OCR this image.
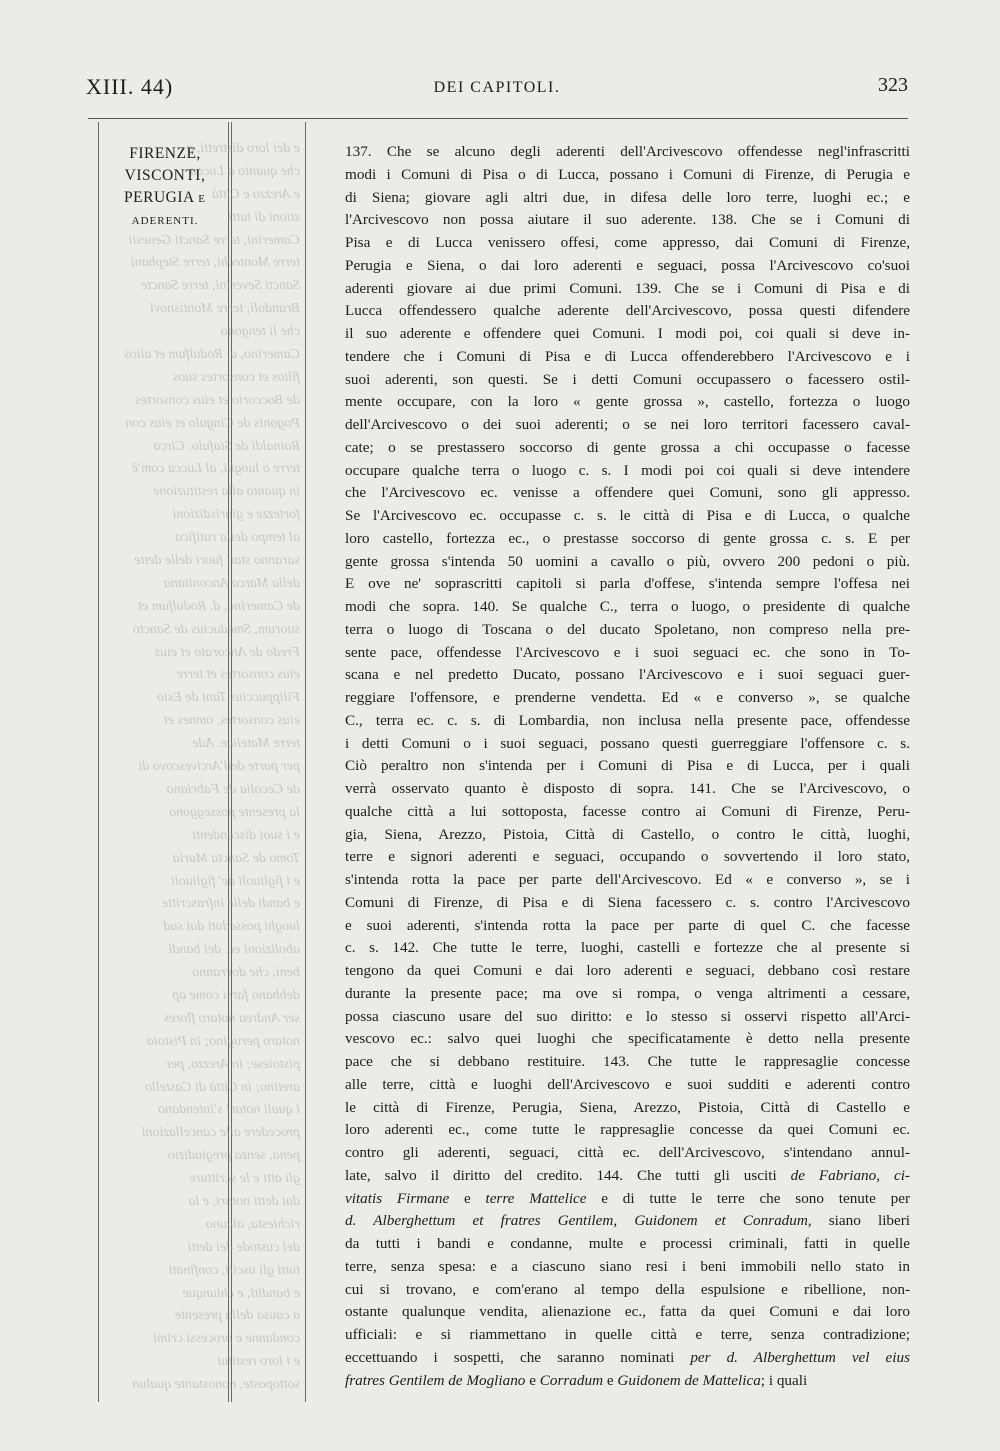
XIII. 44)	DEI CAPITOLI.	323
e dei loro distretti, a
che quanto a Lucca
e Arezzo e Città
stioni di tutti
Camerini, terre Sancti Genesii
terre Montechi, terre Stephani
Sancti Severini, terre Sancte
Brandoli, terre Montisnovi
che li tengono
Camerino, d. Rodulfum et alios
filios et consortes suos
de Boccorio et eius consortes
Pogonis de Cingulo et eius con
Rainaldi de Stafulo. Circa
terre o luoghi, al Lucca com'è
in quanto alla restituzione
fortezze e giurisdizioni
al tempo della ratifica
saranno stati fuori delle dette
della Marca Anconitana
de Camerino, d. Rodulfum et
suorum, Smeducius de Sancto
Fredo de Ancorato et eius
eius consortes et terre
Filippuccius Tani de Esio
eius consortes, omnes et
terre Matelice. Ade
per parte dell'Arcivescovo di
de Cecolia de Fabriano
la presente posseggono
e i suoi discendenti
Tomo de Sancta Maria
e i figliuoli de' figliuoli
e bandi delle infrascritte
luoghi posseduti dai sud
abolizioni ec. dei bandi
beni, che dovranno
debbano farsi come ap
ser Andrea notaro flores
notaro perugino; in Pistoia
pistoiese; in Arezzo, per
aretino; in Città di Castello
i quali notari s'intendano
procedere alle cancellazioni
pena, senza pregiudizio
gli atti e le scritture
dai detti notari, e la
richiesta, alcuno
del custode dei detti
tutti gli usciti, confinati
e banditi, e chiunque
a causa della presente
condanne e processi crimi
e i loro restitui
sottoposte, nonostante qualun
FIRENZE,
VISCONTI,
PERUGIA E
ADERENTI.
137. Che se alcuno degli aderenti dell'Arcivescovo offendesse negl'infrascritti
modi i Comuni di Pisa o di Lucca, possano i Comuni di Firenze, di Perugia e
di Siena; giovare agli altri due, in difesa delle loro terre, luoghi ec.; e
l'Arcivescovo non possa aiutare il suo aderente. 138. Che se i Comuni di
Pisa e di Lucca venissero offesi, come appresso, dai Comuni di Firenze,
Perugia e Siena, o dai loro aderenti e seguaci, possa l'Arcivescovo co'suoi
aderenti giovare ai due primi Comuni. 139. Che se i Comuni di Pisa e di
Lucca offendessero qualche aderente dell'Arcivescovo, possa questi difendere
il suo aderente e offendere quei Comuni. I modi poi, coi quali si deve in-
tendere che i Comuni di Pisa e di Lucca offenderebbero l'Arcivescovo e i
suoi aderenti, son questi. Se i detti Comuni occupassero o facessero ostil-
mente occupare, con la loro « gente grossa », castello, fortezza o luogo
dell'Arcivescovo o dei suoi aderenti; o se nei loro territori facessero caval-
cate; o se prestassero soccorso di gente grossa a chi occupasse o facesse
occupare qualche terra o luogo c. s. I modi poi coi quali si deve intendere
che l'Arcivescovo ec. venisse a offendere quei Comuni, sono gli appresso.
Se l'Arcivescovo ec. occupasse c. s. le città di Pisa e di Lucca, o qualche
loro castello, fortezza ec., o prestasse soccorso di gente grossa c. s. E per
gente grossa s'intenda 50 uomini a cavallo o più, ovvero 200 pedoni o più.
E ove ne' soprascritti capitoli si parla d'offese, s'intenda sempre l'offesa nei
modi che sopra. 140. Se qualche C., terra o luogo, o presidente di qualche
terra o luogo di Toscana o del ducato Spoletano, non compreso nella pre-
sente pace, offendesse l'Arcivescovo e i suoi seguaci ec. che sono in To-
scana e nel predetto Ducato, possano l'Arcivescovo e i suoi seguaci guer-
reggiare l'offensore, e prenderne vendetta. Ed « e converso », se qualche
C., terra ec. c. s. di Lombardia, non inclusa nella presente pace, offendesse
i detti Comuni o i suoi seguaci, possano questi guerreggiare l'offensore c. s.
Ciò peraltro non s'intenda per i Comuni di Pisa e di Lucca, per i quali
verrà osservato quanto è disposto di sopra. 141. Che se l'Arcivescovo, o
qualche città a lui sottoposta, facesse contro ai Comuni di Firenze, Peru-
gia, Siena, Arezzo, Pistoia, Città di Castello, o contro le città, luoghi,
terre e signori aderenti e seguaci, occupando o sovvertendo il loro stato,
s'intenda rotta la pace per parte dell'Arcivescovo. Ed « e converso », se i
Comuni di Firenze, di Pisa e di Siena facessero c. s. contro l'Arcivescovo
e suoi aderenti, s'intenda rotta la pace per parte di quel C. che facesse
c. s. 142. Che tutte le terre, luoghi, castelli e fortezze che al presente si
tengono da quei Comuni e dai loro aderenti e seguaci, debbano così restare
durante la presente pace; ma ove si rompa, o venga altrimenti a cessare,
possa ciascuno usare del suo diritto: e lo stesso si osservi rispetto all'Arci-
vescovo ec.: salvo quei luoghi che specificatamente è detto nella presente
pace che si debbano restituire. 143. Che tutte le rappresaglie concesse
alle terre, città e luoghi dell'Arcivescovo e suoi sudditi e aderenti contro
le città di Firenze, Perugia, Siena, Arezzo, Pistoia, Città di Castello e
loro aderenti ec., come tutte le rappresaglie concesse da quei Comuni ec.
contro gli aderenti, seguaci, città ec. dell'Arcivescovo, s'intendano annul-
late, salvo il diritto del credito. 144. Che tutti gli usciti de Fabriano, ci-
vitatis Firmane e terre Mattelice e di tutte le terre che sono tenute per
d. Alberghettum et fratres Gentilem, Guidonem et Conradum, siano liberi
da tutti i bandi e condanne, multe e processi criminali, fatti in quelle
terre, senza spesa: e a ciascuno siano resi i beni immobili nello stato in
cui si trovano, e com'erano al tempo della espulsione e ribellione, non-
ostante qualunque vendita, alienazione ec., fatta da quei Comuni e dai loro
ufficiali: e si riammettano in quelle città e terre, senza contradizione;
eccettuando i sospetti, che saranno nominati per d. Alberghettum vel eius
fratres Gentilem de Mogliano e Corradum e Guidonem de Mattelica; i quali
